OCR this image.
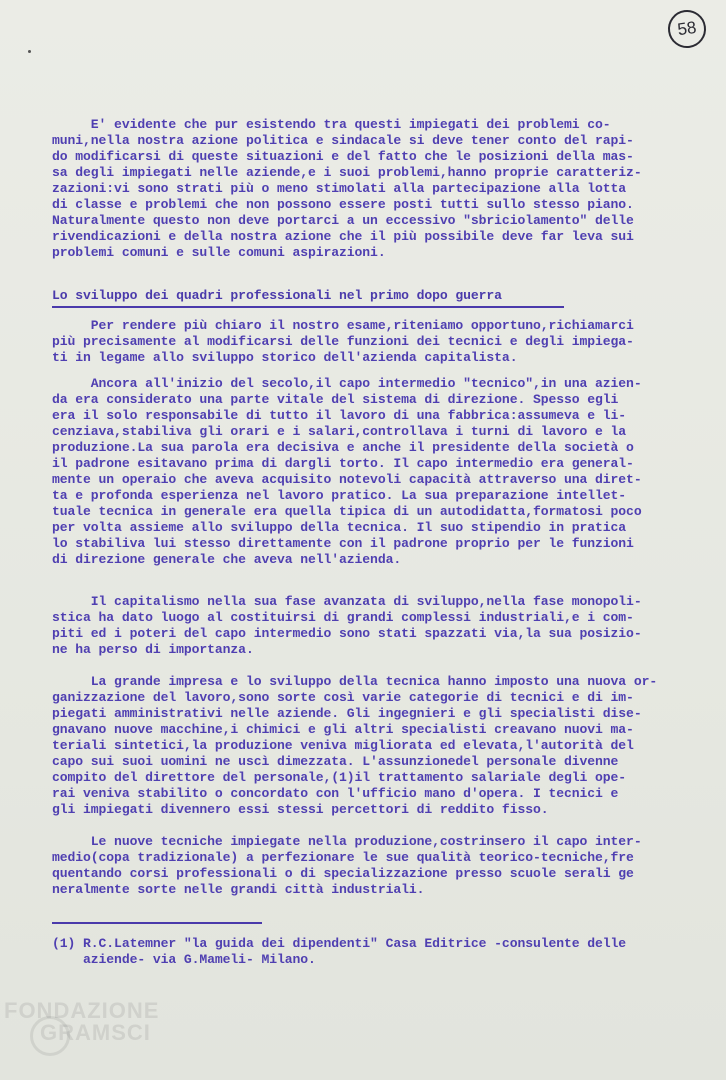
58
E' evidente che pur esistendo tra questi impiegati dei problemi co-
muni,nella nostra azione politica e sindacale si deve tener conto del rapi-
do modificarsi di queste situazioni e del fatto che le posizioni della mas-
sa degli impiegati nelle aziende,e i suoi problemi,hanno proprie caratteriz-
zazioni:vi sono strati più o meno stimolati alla partecipazione alla lotta
di classe e problemi che non possono essere posti tutti sullo stesso piano.
Naturalmente questo non deve portarci a un eccessivo "sbriciolamento" delle
rivendicazioni e della nostra azione che il più possibile deve far leva sui
problemi comuni e sulle comuni aspirazioni.
Lo sviluppo dei quadri professionali nel primo dopo guerra
Per rendere più chiaro il nostro esame,riteniamo opportuno,richiamarci
più precisamente al modificarsi delle funzioni dei tecnici e degli impiega-
ti in legame allo sviluppo storico dell'azienda capitalista.
Ancora all'inizio del secolo,il capo intermedio "tecnico",in una azien-
da era considerato una parte vitale del sistema di direzione. Spesso egli
era il solo responsabile di tutto il lavoro di una fabbrica:assumeva e li-
cenziava,stabiliva gli orari e i salari,controllava i turni di lavoro e la
produzione.La sua parola era decisiva e anche il presidente della società o
il padrone esitavano prima di dargli torto. Il capo intermedio era general-
mente un operaio che aveva acquisito notevoli capacità attraverso una diret-
ta e profonda esperienza nel lavoro pratico. La sua preparazione intellet-
tuale tecnica in generale era quella tipica di un autodidatta,formatosi poco
per volta assieme allo sviluppo della tecnica. Il suo stipendio in pratica
lo stabiliva lui stesso direttamente con il padrone proprio per le funzioni
di direzione generale che aveva nell'azienda.
Il capitalismo nella sua fase avanzata di sviluppo,nella fase monopoli-
stica ha dato luogo al costituirsi di grandi complessi industriali,e i com-
piti ed i poteri del capo intermedio sono stati spazzati via,la sua posizio-
ne ha perso di importanza.
La grande impresa e lo sviluppo della tecnica hanno imposto una nuova or-
ganizzazione del lavoro,sono sorte così varie categorie di tecnici e di im-
piegati amministrativi nelle aziende. Gli ingegnieri e gli specialisti dise-
gnavano nuove macchine,i chimici e gli altri specialisti creavano nuovi ma-
teriali sintetici,la produzione veniva migliorata ed elevata,l'autorità del
capo sui suoi uomini ne uscì dimezzata. L'assunzionedel personale divenne
compito del direttore del personale,(1)il trattamento salariale degli ope-
rai veniva stabilito o concordato con l'ufficio mano d'opera. I tecnici e
gli impiegati divennero essi stessi percettori di reddito fisso.
Le nuove tecniche impiegate nella produzione,costrinsero il capo inter-
medio(copa tradizionale) a perfezionare le sue qualità teorico-tecniche,fre
quentando corsi professionali o di specializzazione presso scuole serali ge
neralmente sorte nelle grandi città industriali.
(1) R.C.Latemner "la guida dei dipendenti" Casa Editrice -consulente delle
aziende- via G.Mameli- Milano.
FONDAZIONE
GRAMSCI
